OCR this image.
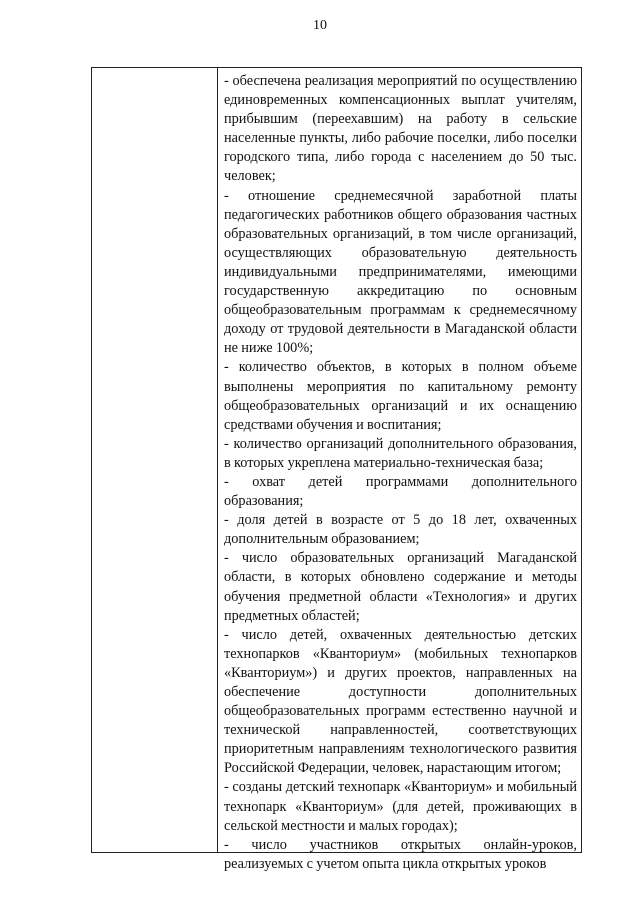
10

- обеспечена реализация мероприятий по осуществлению единовременных компенсационных выплат учителям, прибывшим (переехавшим) на работу в сельские населенные пункты, либо рабочие поселки, либо поселки городского типа, либо города с населением до 50 тыс. человек;

- отношение среднемесячной заработной платы педагогических работников общего образования частных образовательных организаций, в том числе организаций, осуществляющих образовательную деятельность индивидуальными предпринимателями, имеющими государственную аккредитацию по основным общеобразовательным программам к среднемесячному доходу от трудовой деятельности в Магаданской области не ниже 100%;

- количество объектов, в которых в полном объеме выполнены мероприятия по капитальному ремонту общеобразовательных организаций и их оснащению средствами обучения и воспитания;

- количество организаций дополнительного образования, в которых укреплена материально-техническая база;

- охват детей программами дополнительного образования;

- доля детей в возрасте от 5 до 18 лет, охваченных дополнительным образованием;

- число образовательных организаций Магаданской области, в которых обновлено содержание и методы обучения предметной области «Технология» и других предметных областей;

- число детей, охваченных деятельностью детских технопарков «Кванториум» (мобильных технопарков «Кванториум») и других проектов, направленных на обеспечение доступности дополнительных общеобразовательных программ естественно научной и технической направленностей, соответствующих приоритетным направлениям технологического развития Российской Федерации, человек, нарастающим итогом;

- созданы детский технопарк «Кванториум» и мобильный технопарк «Кванториум» (для детей, проживающих в сельской местности и малых городах);

- число участников открытых онлайн-уроков, реализуемых с учетом опыта цикла открытых уроков
